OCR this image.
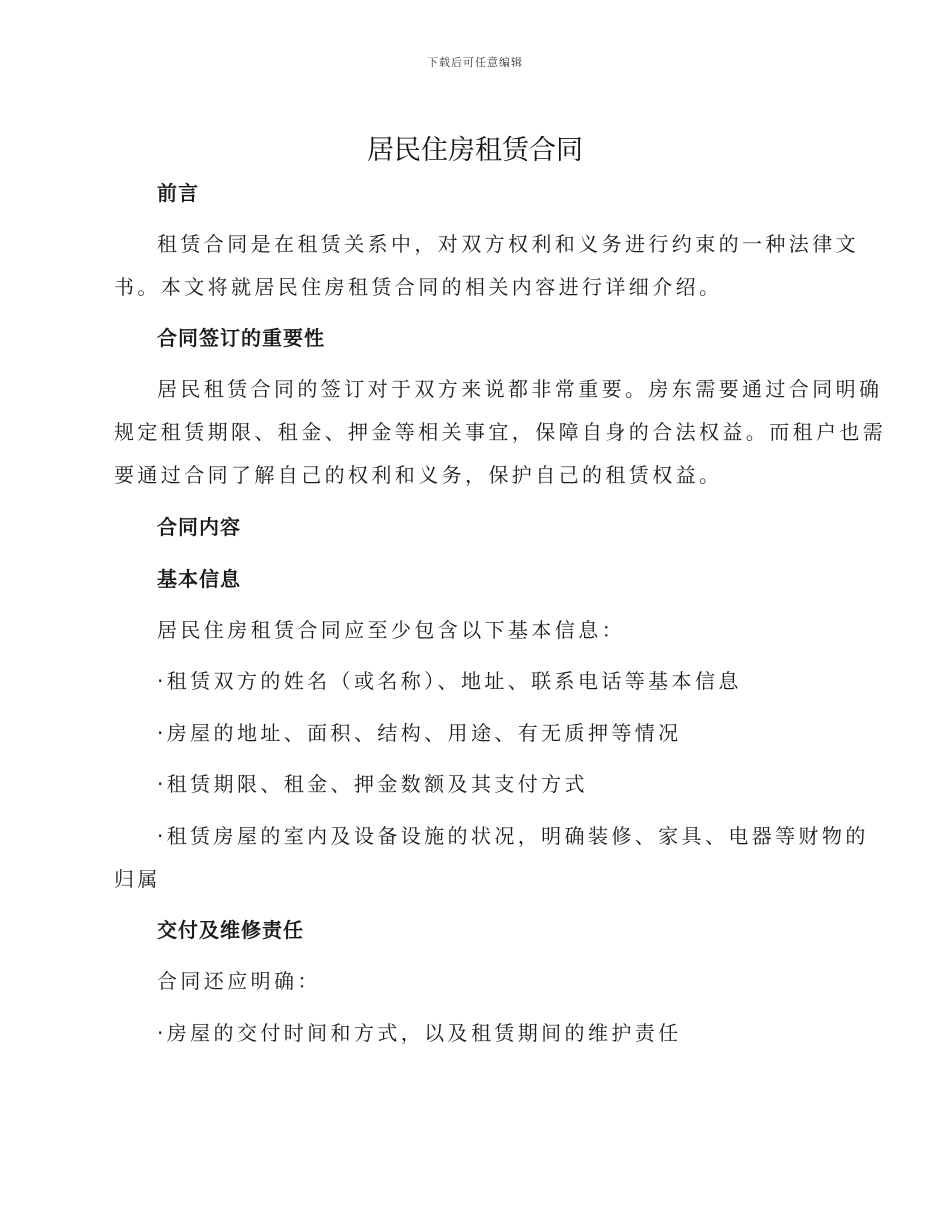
下载后可任意编辑
居民住房租赁合同
前言
租赁合同是在租赁关系中，对双方权利和义务进行约束的一种法律文
书。本文将就居民住房租赁合同的相关内容进行详细介绍。
合同签订的重要性
居民租赁合同的签订对于双方来说都非常重要。房东需要通过合同明确
规定租赁期限、租金、押金等相关事宜，保障自身的合法权益。而租户也需
要通过合同了解自己的权利和义务，保护自己的租赁权益。
合同内容
基本信息
居民住房租赁合同应至少包含以下基本信息：
·租赁双方的姓名（或名称）、地址、联系电话等基本信息
·房屋的地址、面积、结构、用途、有无质押等情况
·租赁期限、租金、押金数额及其支付方式
·租赁房屋的室内及设备设施的状况，明确装修、家具、电器等财物的
归属
交付及维修责任
合同还应明确：
·房屋的交付时间和方式，以及租赁期间的维护责任
